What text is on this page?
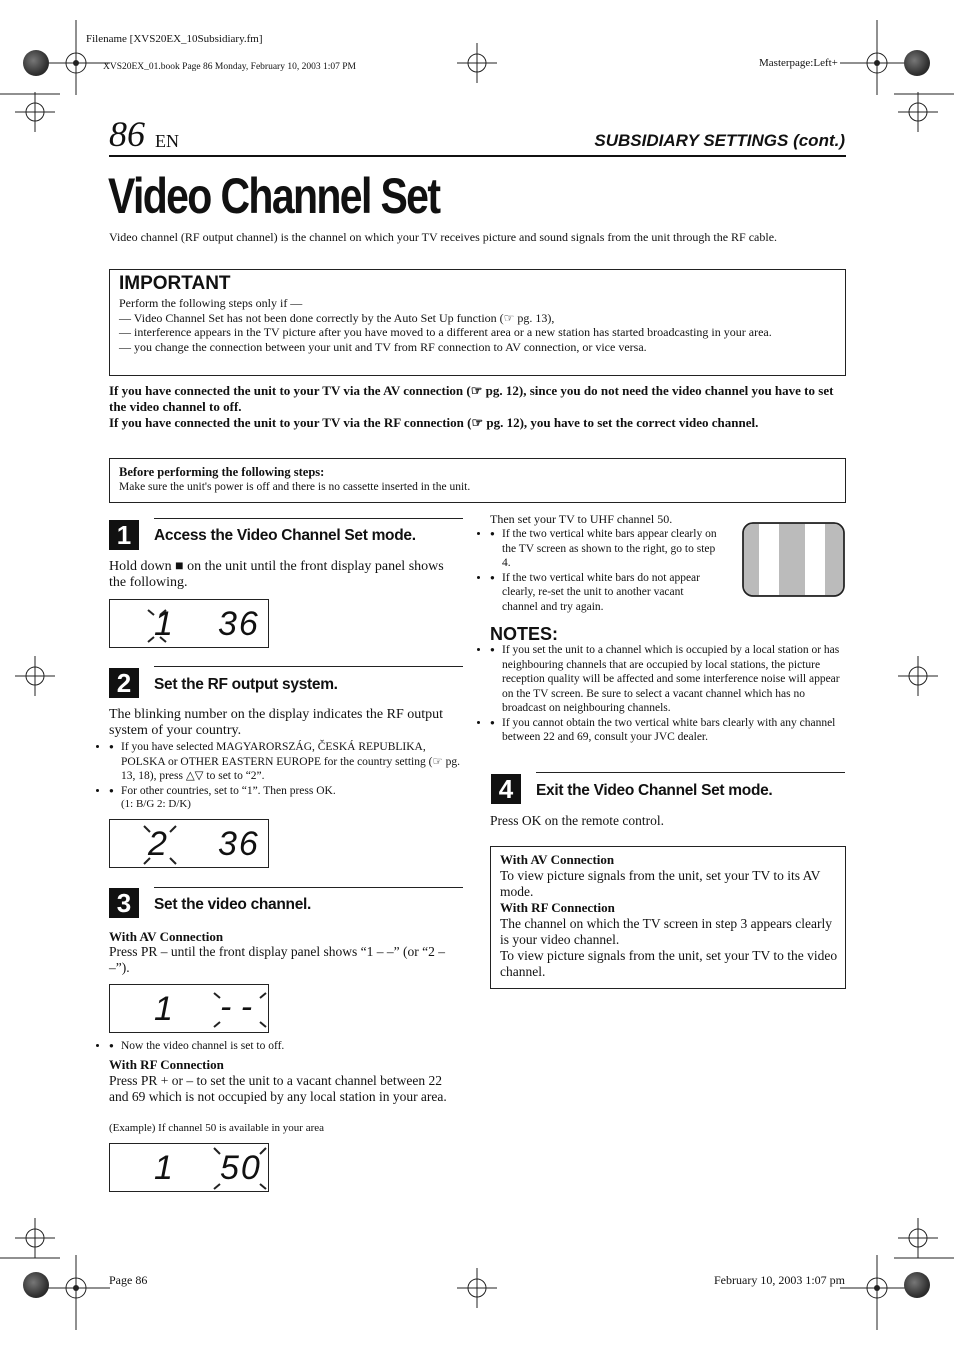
Filename [XVS20EX_10Subsidiary.fm]
XVS20EX_01.book Page 86 Monday, February 10, 2003 1:07 PM	Masterpage:Left+
86 EN	SUBSIDIARY SETTINGS (cont.)
Video Channel Set
Video channel (RF output channel) is the channel on which your TV receives picture and sound signals from the unit through the RF cable.
IMPORTANT
Perform the following steps only if —
— Video Channel Set has not been done correctly by the Auto Set Up function (☞ pg. 13),
— interference appears in the TV picture after you have moved to a different area or a new station has started broadcasting in your area.
— you change the connection between your unit and TV from RF connection to AV connection, or vice versa.
If you have connected the unit to your TV via the AV connection (☞ pg. 12), since you do not need the video channel you have to set the video channel to off.
If you have connected the unit to your TV via the RF connection (☞ pg. 12), you have to set the correct video channel.
Before performing the following steps:
Make sure the unit's power is off and there is no cassette inserted in the unit.
1	Access the Video Channel Set mode.
Hold down ■ on the unit until the front display panel shows the following.
1 36
2	Set the RF output system.
The blinking number on the display indicates the RF output system of your country.
● • If you have selected MAGYARORSZÁG, ČESKÁ REPUBLIKA, POLSKA or OTHER EASTERN EUROPE for the country setting (☞ pg. 13, 18), press △▽ to set to “2”.
● • For other countries, set to “1”. Then press OK.
(1: B/G 2: D/K)
2 36
3	Set the video channel.
With AV Connection
Press PR – until the front display panel shows “1 – –” (or “2 – –”).
1 - -
● • Now the video channel is set to off.
With RF Connection
Press PR + or – to set the unit to a vacant channel between 22 and 69 which is not occupied by any local station in your area.
(Example) If channel 50 is available in your area
1 50
Then set your TV to UHF channel 50.
● • If the two vertical white bars appear clearly on the TV screen as shown to the right, go to step 4.
● • If the two vertical white bars do not appear clearly, re-set the unit to another vacant channel and try again.
NOTES:
● • If you set the unit to a channel which is occupied by a local station or has neighbouring channels that are occupied by local stations, the picture reception quality will be affected and some interference noise will appear on the TV screen. Be sure to select a vacant channel which has no broadcast on neighbouring channels.
● • If you cannot obtain the two vertical white bars clearly with any channel between 22 and 69, consult your JVC dealer.
4	Exit the Video Channel Set mode.
Press OK on the remote control.
With AV Connection
To view picture signals from the unit, set your TV to its AV mode.
With RF Connection
The channel on which the TV screen in step 3 appears clearly is your video channel.
To view picture signals from the unit, set your TV to the video channel.
Page 86	February 10, 2003 1:07 pm
